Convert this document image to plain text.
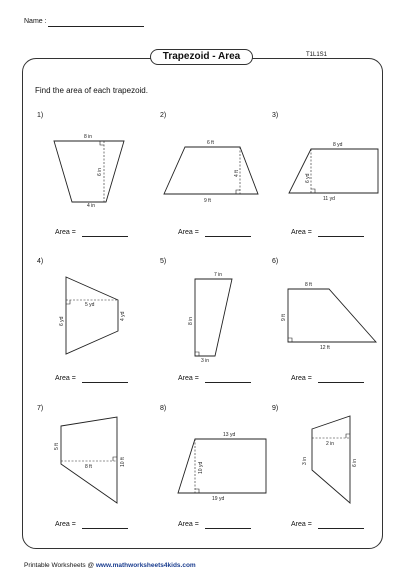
Name :
Trapezoid - Area	T1L1S1
Find the area of each trapezoid.
1)	2)	3)
4)	5)	6)
7)	8)	9)
Area =	Area =	Area =
Area =	Area =	Area =
Area =	Area =	Area =
8 in
6 in
4 in
6 ft
4 ft
9 ft
8 yd
6 yd
11 yd
5 yd
6 yd
4 yd
7 in
8 in
3 in
8 ft
9 ft
12 ft
5 ft
8 ft	10 ft
13 yd
10 yd
19 yd
2 in
3 in	6 in
Printable Worksheets @ www.mathworksheets4kids.com
